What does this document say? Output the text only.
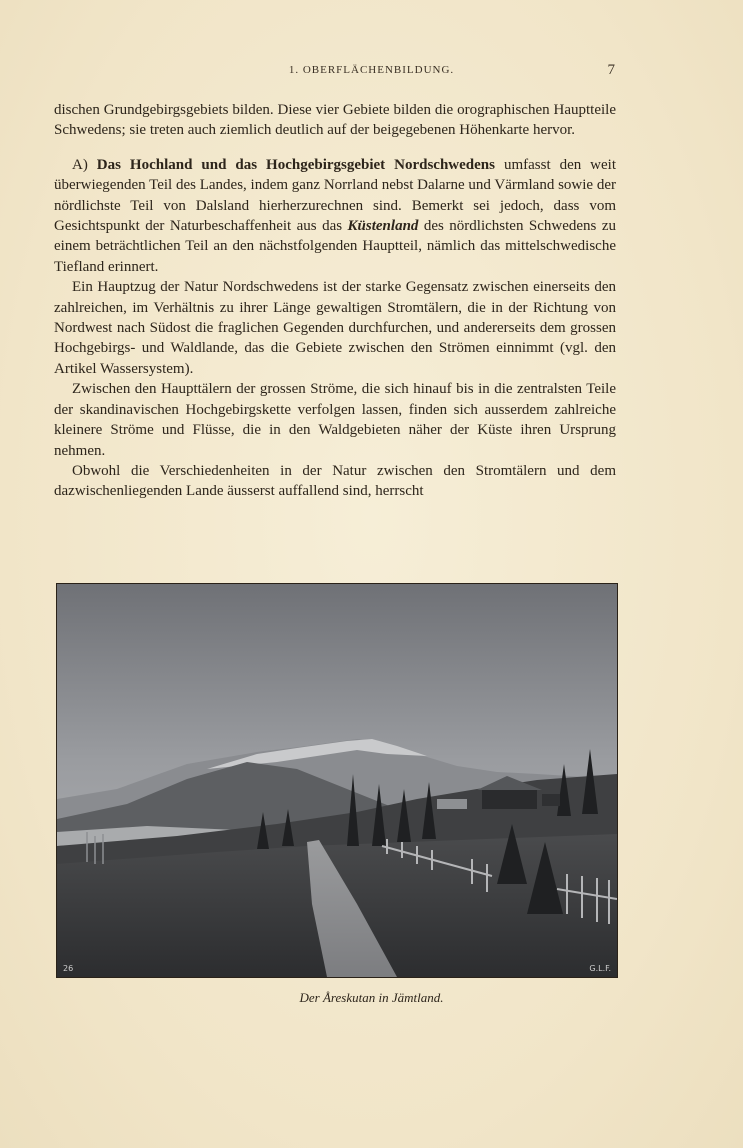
1. OBERFLÄCHENBILDUNG.	7

dischen Grundgebirgsgebiets bilden. Diese vier Gebiete bilden die orographischen Hauptteile Schwedens; sie treten auch ziemlich deutlich auf der beigegebenen Höhenkarte hervor.

A) Das Hochland und das Hochgebirgsgebiet Nordschwedens umfasst den weit überwiegenden Teil des Landes, indem ganz Norrland nebst Dalarne und Värmland sowie der nördlichste Teil von Dalsland hierherzurechnen sind. Bemerkt sei jedoch, dass vom Gesichtspunkt der Naturbeschaffenheit aus das Küstenland des nördlichsten Schwedens zu einem beträchtlichen Teil an den nächstfolgenden Hauptteil, nämlich das mittelschwedische Tiefland erinnert.

Ein Hauptzug der Natur Nordschwedens ist der starke Gegensatz zwischen einerseits den zahlreichen, im Verhältnis zu ihrer Länge gewaltigen Stromtälern, die in der Richtung von Nordwest nach Südost die fraglichen Gegenden durchfurchen, und andererseits dem grossen Hochgebirgs- und Waldlande, das die Gebiete zwischen den Strömen einnimmt (vgl. den Artikel Wassersystem).

Zwischen den Haupttälern der grossen Ströme, die sich hinauf bis in die zentralsten Teile der skandinavischen Hochgebirgskette verfolgen lassen, finden sich ausserdem zahlreiche kleinere Ströme und Flüsse, die in den Waldgebieten näher der Küste ihren Ursprung nehmen.

Obwohl die Verschiedenheiten in der Natur zwischen den Stromtälern und dem dazwischenliegenden Lande äusserst auffallend sind, herrscht

26	G.L.F.
Der Åreskutan in Jämtland.
